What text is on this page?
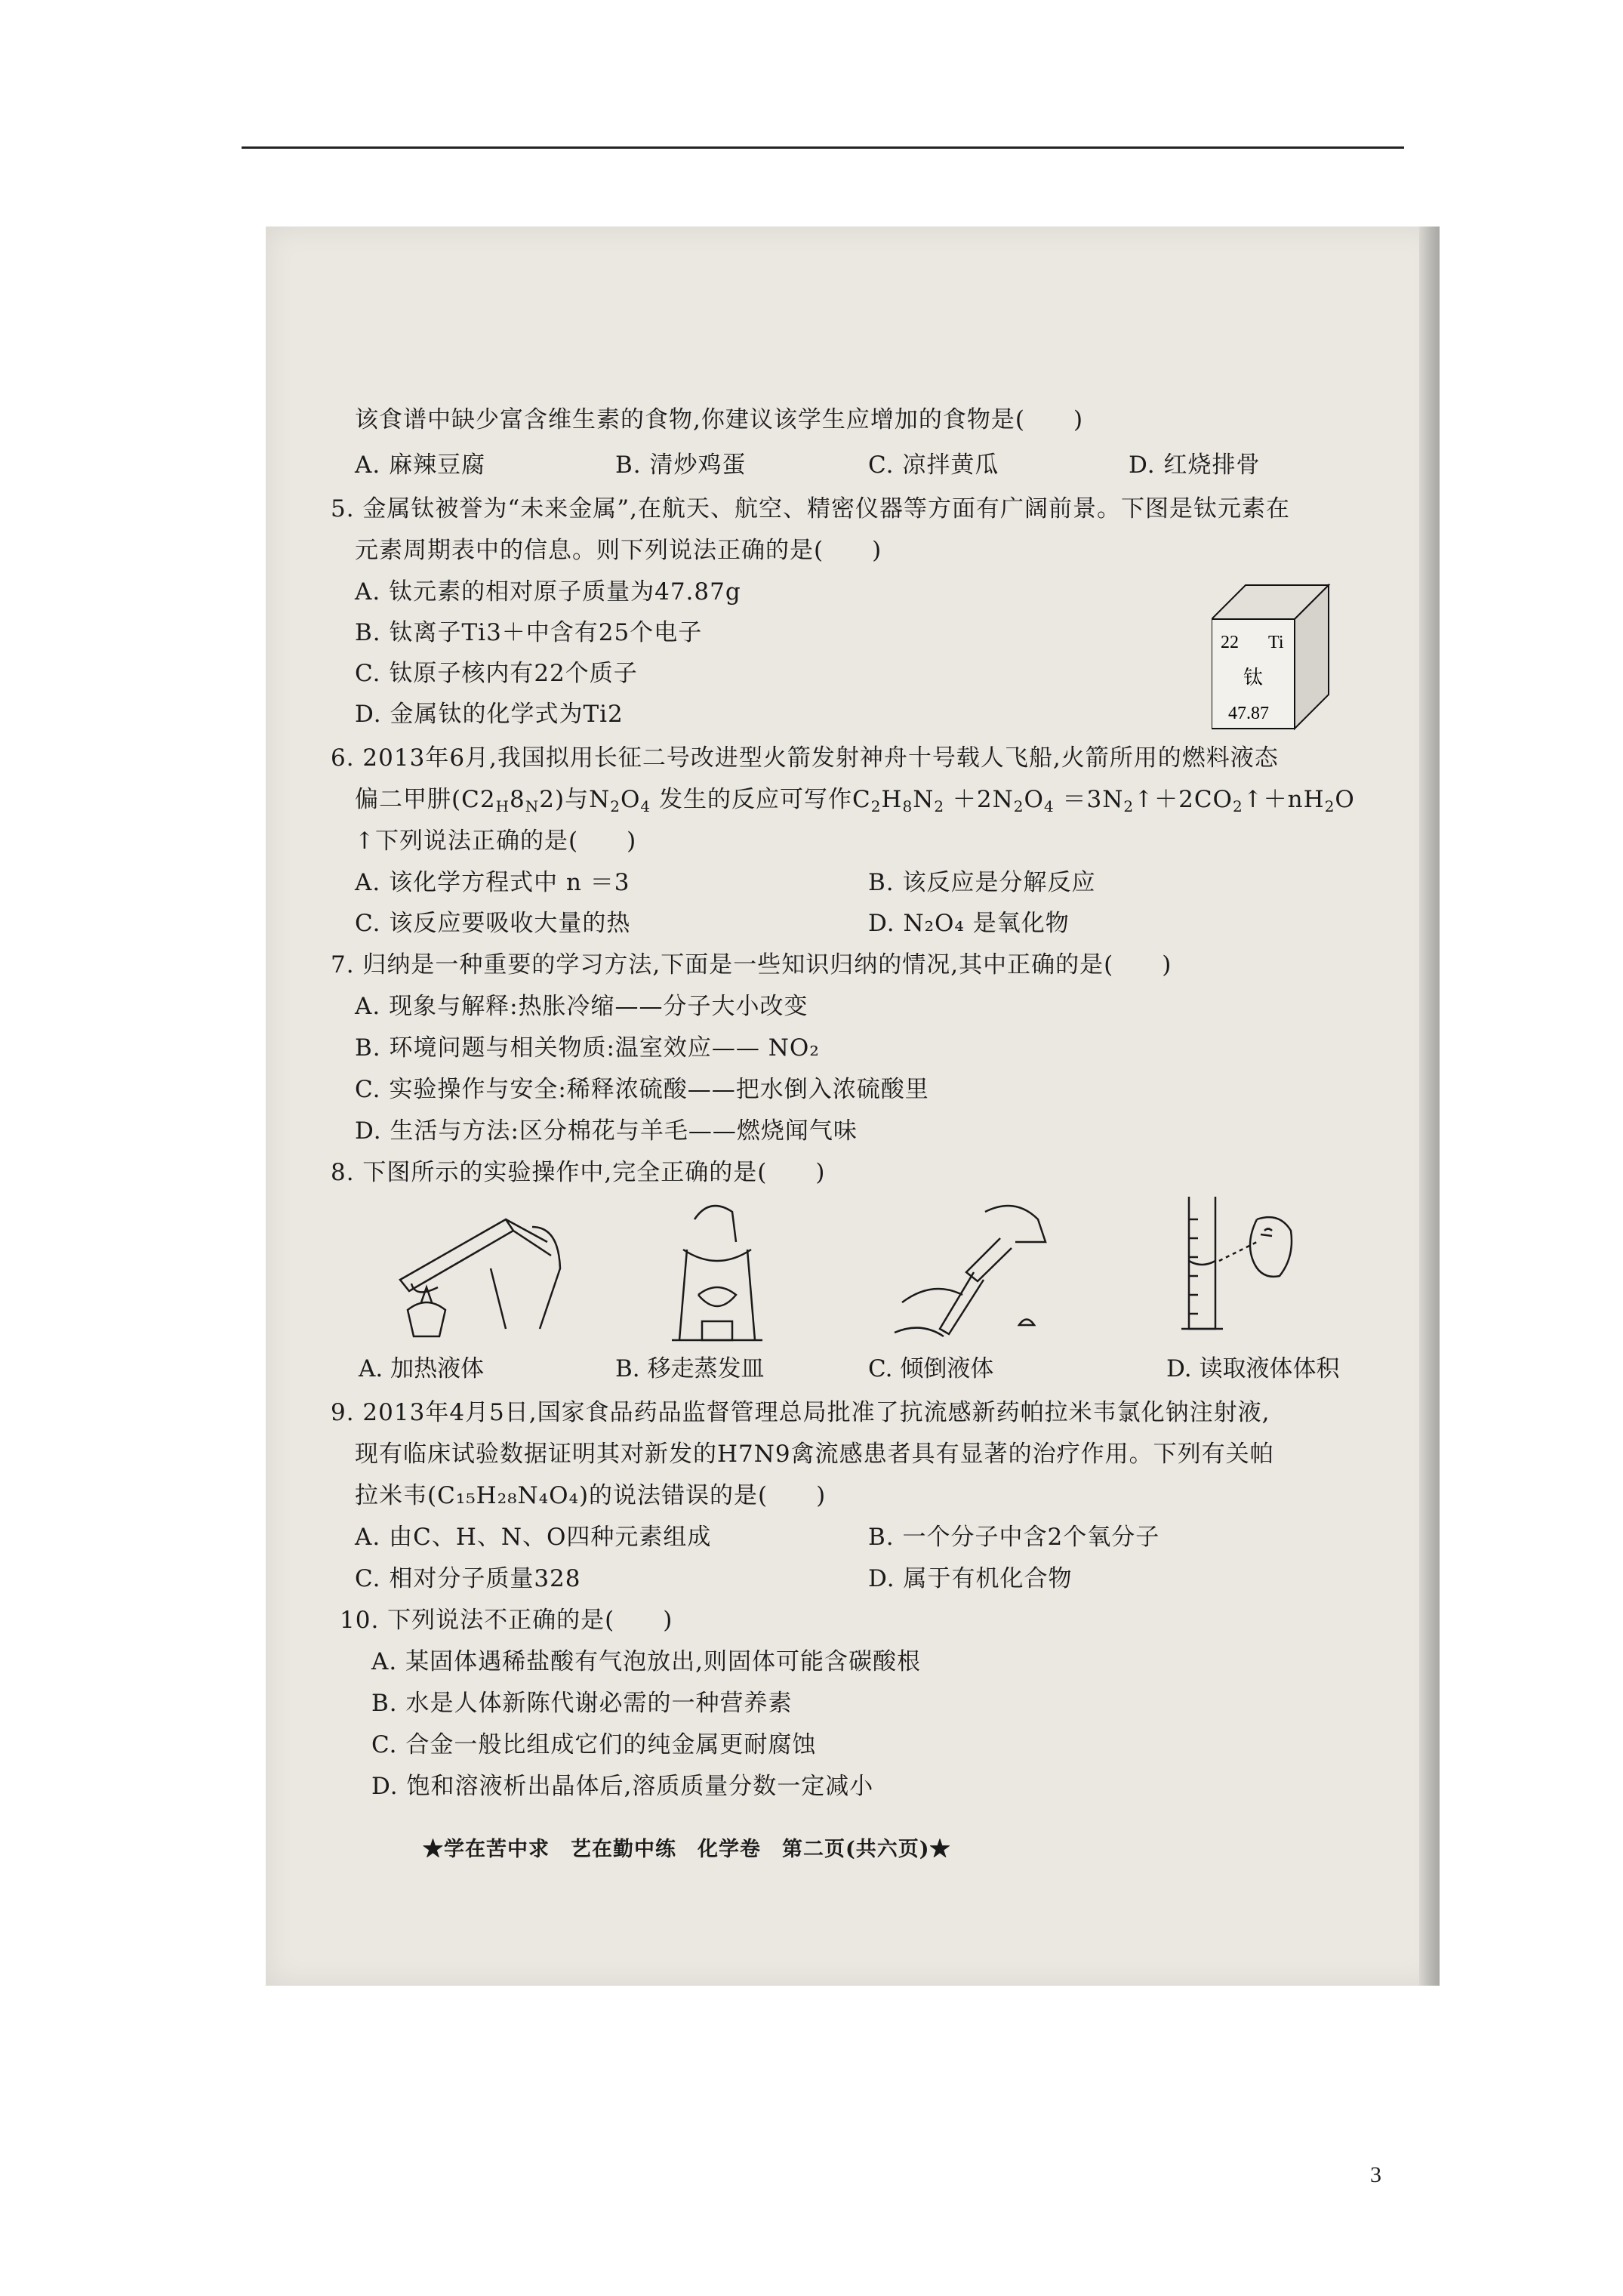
该食谱中缺少富含维生素的食物,你建议该学生应增加的食物是(　　)
A. 麻辣豆腐	B. 清炒鸡蛋	C. 凉拌黄瓜	D. 红烧排骨
5. 金属钛被誉为“未来金属”,在航天、航空、精密仪器等方面有广阔前景。下图是钛元素在
元素周期表中的信息。则下列说法正确的是(　　)
A. 钛元素的相对原子质量为47.87g
B. 钛离子Ti3＋中含有25个电子
C. 钛原子核内有22个质子
D. 金属钛的化学式为Ti2
22 Ti
钛
47.87
6. 2013年6月,我国拟用长征二号改进型火箭发射神舟十号载人飞船,火箭所用的燃料液态
偏二甲肼$(C2_H8_N2)$与$N_2O_4$ 发生的反应可写作$C_2H_8N_2 +2N_2O_4$ $=3N_2↑+2CO_2↑+nH_2O$
↑下列说法正确的是(　　)
A. 该化学方程式中 n ＝3	B. 该反应是分解反应
C. 该反应要吸收大量的热	D. N₂O₄ 是氧化物
7. 归纳是一种重要的学习方法,下面是一些知识归纳的情况,其中正确的是(　　)
A. 现象与解释:热胀冷缩——分子大小改变
B. 环境问题与相关物质:温室效应—— NO₂
C. 实验操作与安全:稀释浓硫酸——把水倒入浓硫酸里
D. 生活与方法:区分棉花与羊毛——燃烧闻气味
8. 下图所示的实验操作中,完全正确的是(　　)
A. 加热液体	B. 移走蒸发皿	C. 倾倒液体	D. 读取液体体积
9. 2013年4月5日,国家食品药品监督管理总局批准了抗流感新药帕拉米韦氯化钠注射液,
现有临床试验数据证明其对新发的H7N9禽流感患者具有显著的治疗作用。下列有关帕
拉米韦(C₁₅H₂₈N₄O₄)的说法错误的是(　　)
A. 由C、H、N、O四种元素组成	B. 一个分子中含2个氧分子
C. 相对分子质量328	D. 属于有机化合物
10. 下列说法不正确的是(　　)
A. 某固体遇稀盐酸有气泡放出,则固体可能含碳酸根
B. 水是人体新陈代谢必需的一种营养素
C. 合金一般比组成它们的纯金属更耐腐蚀
D. 饱和溶液析出晶体后,溶质质量分数一定减小
★学在苦中求　艺在勤中练　化学卷　第二页(共六页)★
3
